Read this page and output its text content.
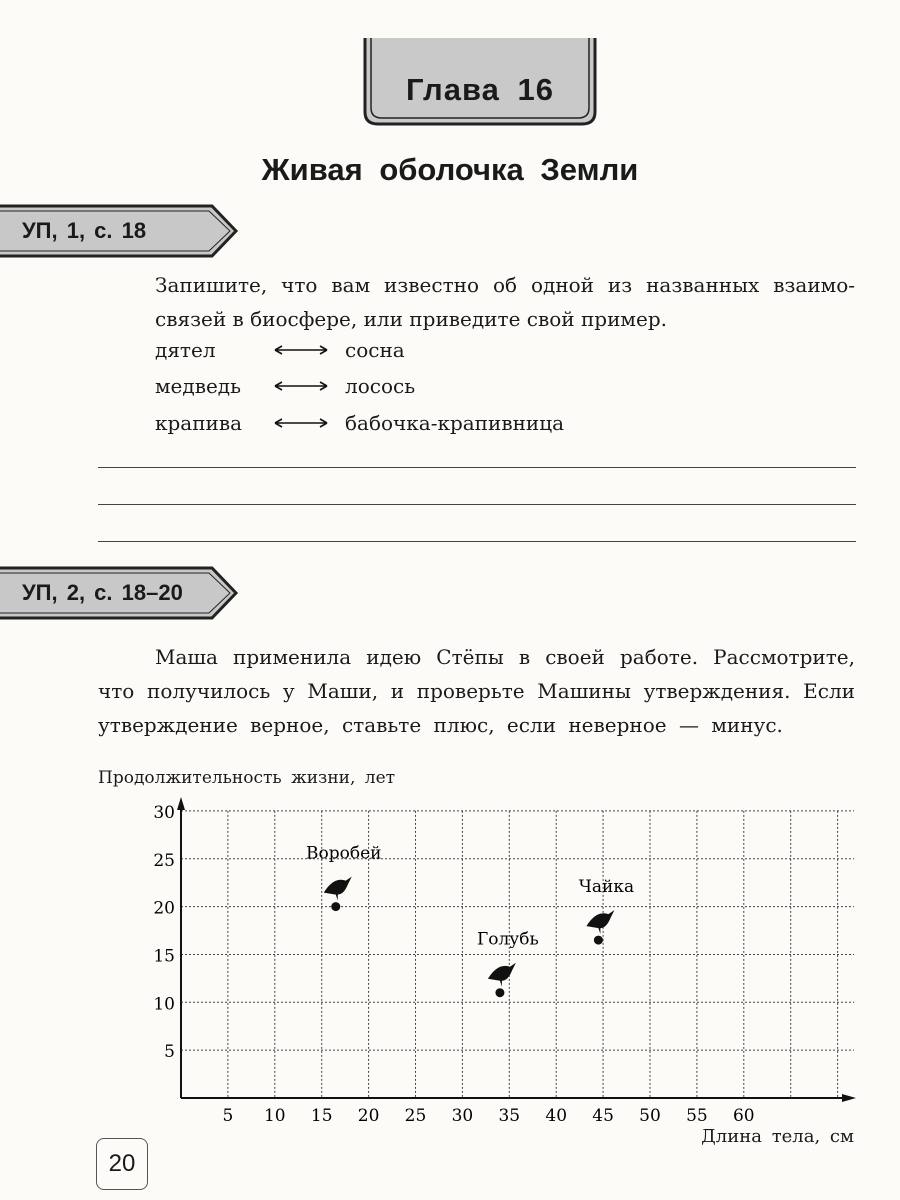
Глава 16
Живая оболочка Земли
УП, 1, с. 18
Запишите, что вам известно об одной из названных взаимо-связей в биосфере, или приведите свой пример.
дятел	сосна
медведь	лосось
крапива	бабочка-крапивница
УП, 2, с. 18–20
Маша применила идею Стёпы в своей работе. Рассмотрите, что получилось у Маши, и проверьте Машины утверждения. Если утверждение верное, ставьте плюс, если неверное — минус.
Продолжительность жизни, лет
5 10 15 20 25 30 35 40 45 50 55 60
5
10
15
20
25
30
Воробей
Голубь
Чайка
Длина тела, см
20
